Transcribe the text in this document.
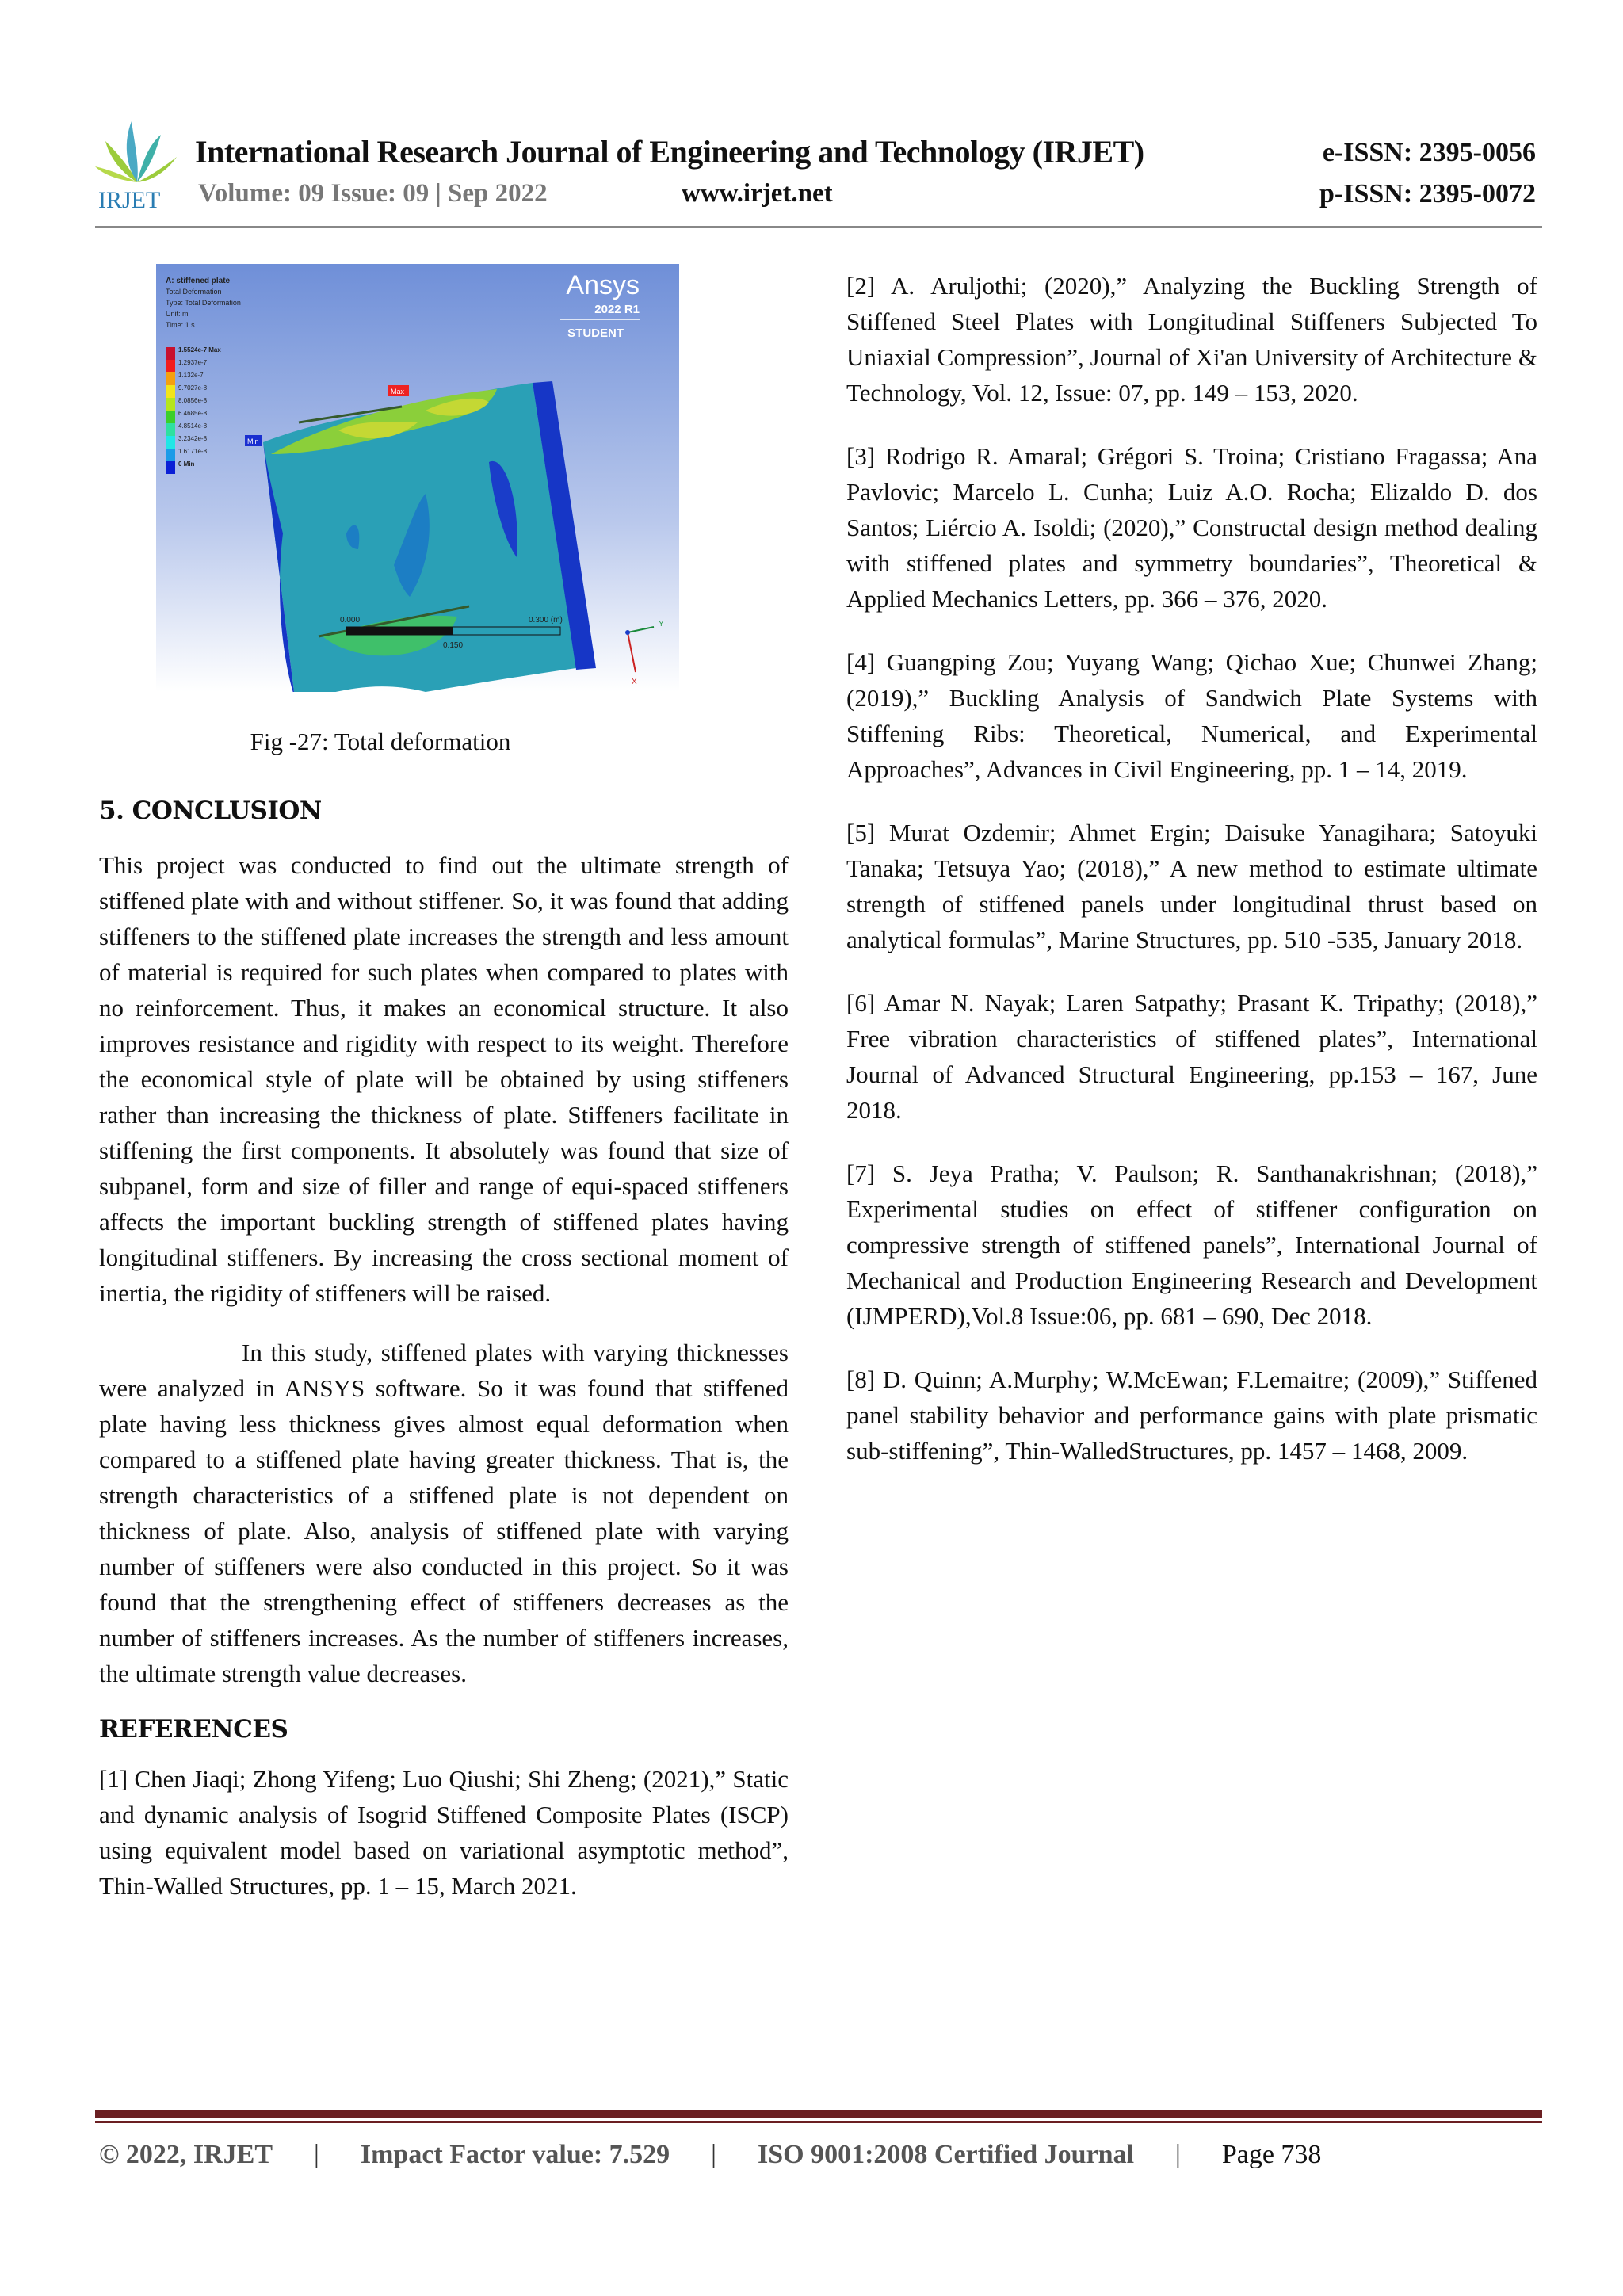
IRJET
International Research Journal of Engineering and Technology (IRJET)	e-ISSN: 2395-0056
Volume: 09 Issue: 09 | Sep 2022	www.irjet.net	p-ISSN: 2395-0072
Max
Min
A: stiffened plate
Total Deformation
Type: Total Deformation
Unit: m
Time: 1 s
1.5524e-7 Max
1.2937e-7
1.132e-7
9.7027e-8
8.0856e-8
6.4685e-8
4.8514e-8
3.2342e-8
1.6171e-8
0 Min
Ansys
2022 R1
STUDENT
0.000	0.300 (m)
0.150
Y
X
Fig -27: Total deformation
5. CONCLUSION

This project was conducted to find out the ultimate strength of stiffened plate with and without stiffener. So, it was found that adding stiffeners to the stiffened plate increases the strength and less amount of material is required for such plates when compared to plates with no reinforcement. Thus, it makes an economical structure. It also improves resistance and rigidity with respect to its weight. Therefore the economical style of plate will be obtained by using stiffeners rather than increasing the thickness of plate. Stiffeners facilitate in stiffening the first components. It absolutely was found that size of subpanel, form and size of filler and range of equi-spaced stiffeners affects the important buckling strength of stiffened plates having longitudinal stiffeners. By increasing the cross sectional moment of inertia, the rigidity of stiffeners will be raised.

In this study, stiffened plates with varying thicknesses were analyzed in ANSYS software. So it was found that stiffened plate having less thickness gives almost equal deformation when compared to a stiffened plate having greater thickness. That is, the strength characteristics of a stiffened plate is not dependent on thickness of plate. Also, analysis of stiffened plate with varying number of stiffeners were also conducted in this project. So it was found that the strengthening effect of stiffeners decreases as the number of stiffeners increases. As the number of stiffeners increases, the ultimate strength value decreases.

REFERENCES
[1] Chen Jiaqi; Zhong Yifeng; Luo Qiushi; Shi Zheng; (2021),” Static and dynamic analysis of Isogrid Stiffened Composite Plates (ISCP) using equivalent model based on variational asymptotic method”, Thin-Walled Structures, pp. 1 – 15, March 2021.
[2] A. Aruljothi; (2020),” Analyzing the Buckling Strength of Stiffened Steel Plates with Longitudinal Stiffeners Subjected To Uniaxial Compression”, Journal of Xi'an University of Architecture & Technology, Vol. 12, Issue: 07, pp. 149 – 153, 2020.
[3] Rodrigo R. Amaral; Grégori S. Troina; Cristiano Fragassa; Ana Pavlovic; Marcelo L. Cunha; Luiz A.O. Rocha; Elizaldo D. dos Santos; Liércio A. Isoldi; (2020),” Constructal design method dealing with stiffened plates and symmetry boundaries”, Theoretical & Applied Mechanics Letters, pp. 366 – 376, 2020.
[4] Guangping Zou; Yuyang Wang; Qichao Xue; Chunwei Zhang; (2019),” Buckling Analysis of Sandwich Plate Systems with Stiffening Ribs: Theoretical, Numerical, and Experimental Approaches”, Advances in Civil Engineering, pp. 1 – 14, 2019.
[5] Murat Ozdemir; Ahmet Ergin; Daisuke Yanagihara; Satoyuki Tanaka; Tetsuya Yao; (2018),” A new method to estimate ultimate strength of stiffened panels under longitudinal thrust based on analytical formulas”, Marine Structures, pp. 510 -535, January 2018.
[6] Amar N. Nayak; Laren Satpathy; Prasant K. Tripathy; (2018),” Free vibration characteristics of stiffened plates”, International Journal of Advanced Structural Engineering, pp.153 – 167, June 2018.
[7] S. Jeya Pratha; V. Paulson; R. Santhanakrishnan; (2018),” Experimental studies on effect of stiffener configuration on compressive strength of stiffened panels”, International Journal of Mechanical and Production Engineering Research and Development (IJMPERD),Vol.8 Issue:06, pp. 681 – 690, Dec 2018.
[8] D. Quinn; A.Murphy; W.McEwan; F.Lemaitre; (2009),” Stiffened panel stability behavior and performance gains with plate prismatic sub-stiffening”, Thin-WalledStructures, pp. 1457 – 1468, 2009.
© 2022, IRJET | Impact Factor value: 7.529 | ISO 9001:2008 Certified Journal | Page 738
